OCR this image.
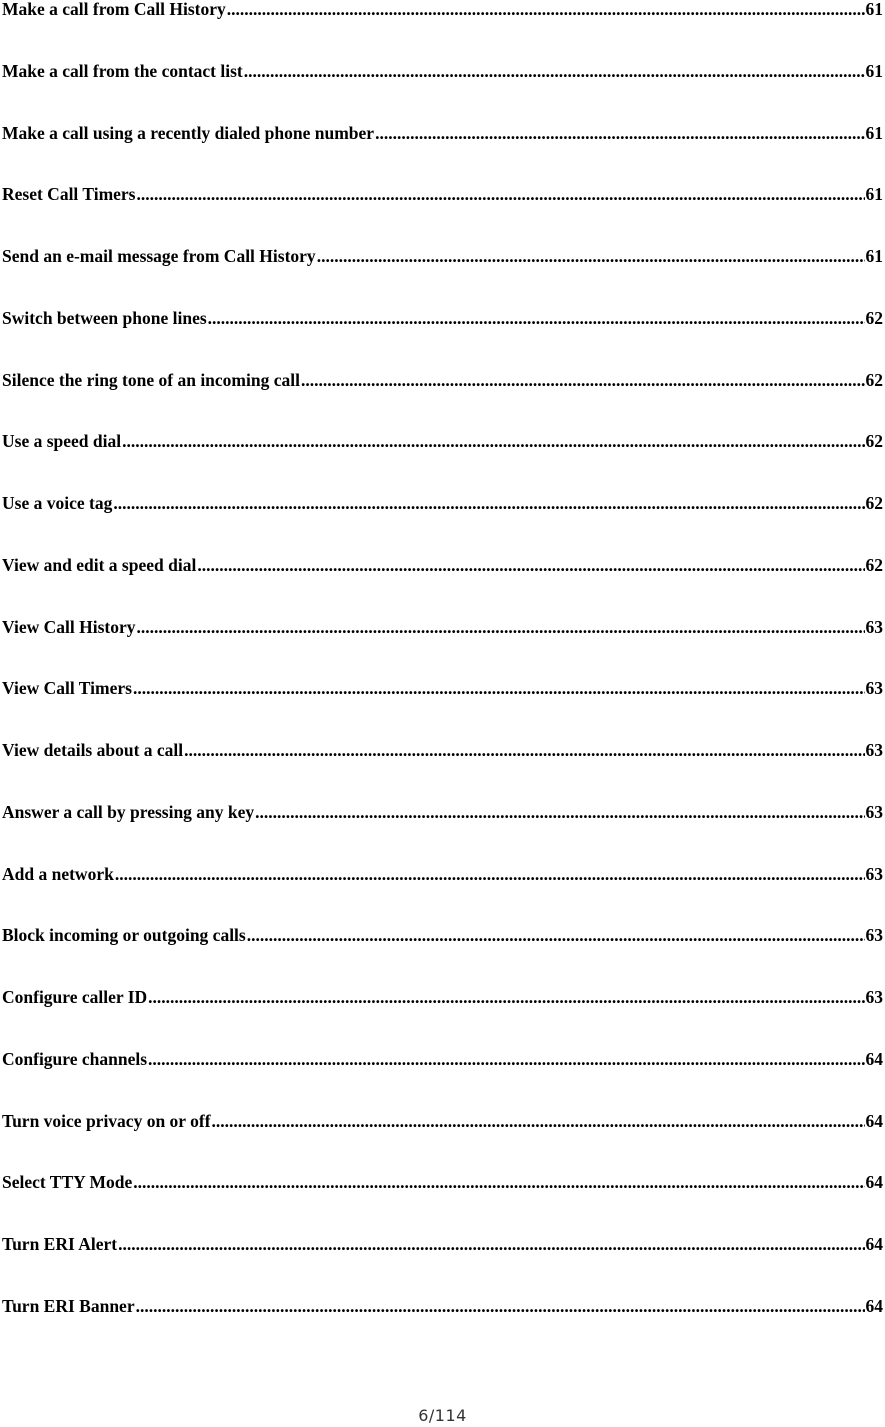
Make a call from Call History .....	61
Make a call from the contact list .....	61
Make a call using a recently dialed phone number .....	61
Reset Call Timers .....	61
Send an e-mail message from Call History .....	61
Switch between phone lines .....	62
Silence the ring tone of an incoming call .....	62
Use a speed dial .....	62
Use a voice tag .....	62
View and edit a speed dial .....	62
View Call History .....	63
View Call Timers .....	63
View details about a call .....	63
Answer a call by pressing any key .....	63
Add a network .....	63
Block incoming or outgoing calls .....	63
Configure caller ID .....	63
Configure channels .....	64
Turn voice privacy on or off .....	64
Select TTY Mode .....	64
Turn ERI Alert .....	64
Turn ERI Banner .....	64
6/114
